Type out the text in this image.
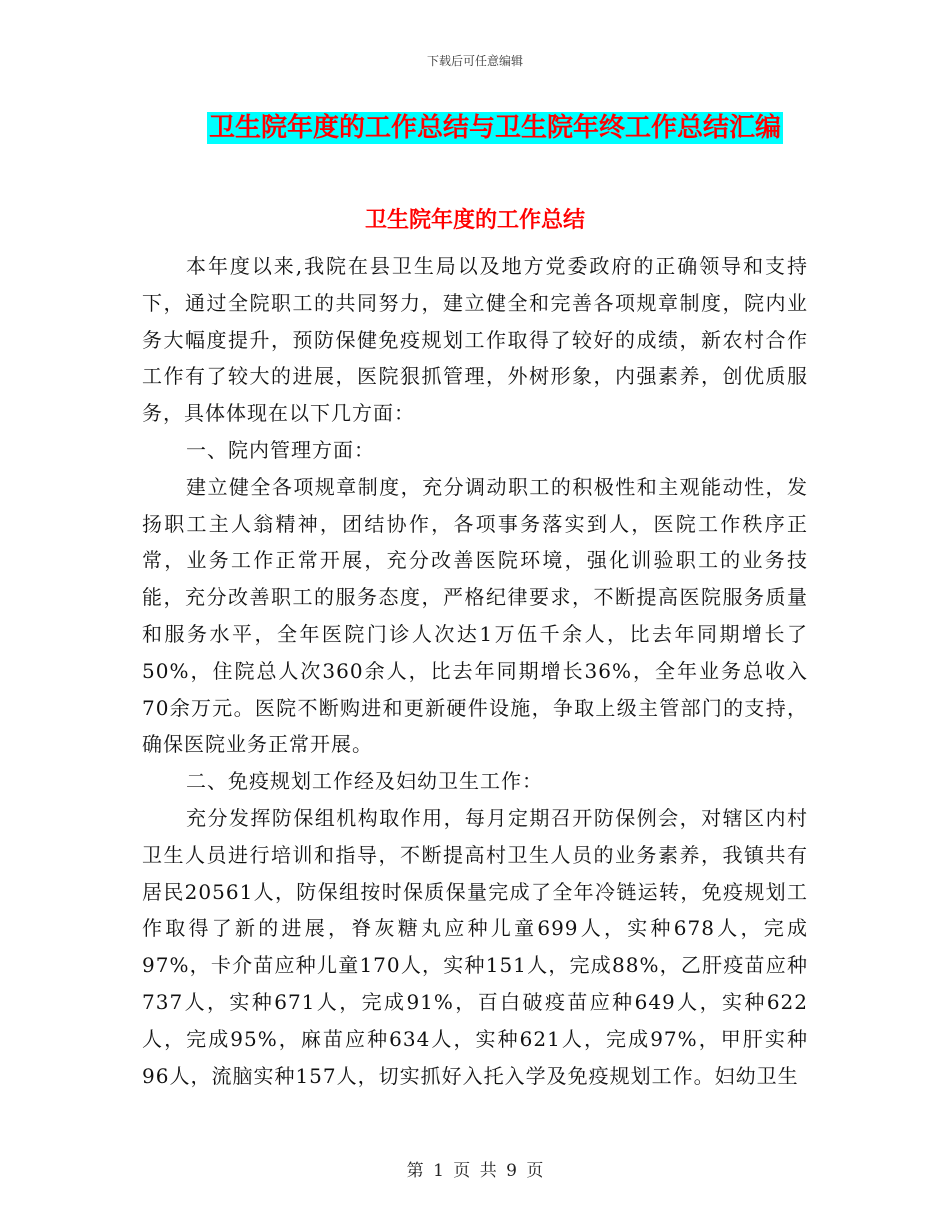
下载后可任意编辑
卫生院年度的工作总结与卫生院年终工作总结汇编
卫生院年度的工作总结

本年度以来,我院在县卫生局以及地方党委政府的正确领导和支持下，通过全院职工的共同努力，建立健全和完善各项规章制度，院内业务大幅度提升，预防保健免疫规划工作取得了较好的成绩，新农村合作工作有了较大的进展，医院狠抓管理，外树形象，内强素养，创优质服务，具体体现在以下几方面：

一、院内管理方面：

建立健全各项规章制度，充分调动职工的积极性和主观能动性，发扬职工主人翁精神，团结协作，各项事务落实到人，医院工作秩序正常，业务工作正常开展，充分改善医院环境，强化训验职工的业务技能，充分改善职工的服务态度，严格纪律要求，不断提高医院服务质量和服务水平，全年医院门诊人次达1万伍千余人，比去年同期增长了50%，住院总人次360余人，比去年同期增长36%，全年业务总收入70余万元。医院不断购进和更新硬件设施，争取上级主管部门的支持，确保医院业务正常开展。

二、免疫规划工作经及妇幼卫生工作：

充分发挥防保组机构取作用，每月定期召开防保例会，对辖区内村卫生人员进行培训和指导，不断提高村卫生人员的业务素养，我镇共有居民20561人，防保组按时保质保量完成了全年冷链运转，免疫规划工作取得了新的进展，脊灰糖丸应种儿童699人，实种678人，完成97%，卡介苗应种儿童170人，实种151人，完成88%，乙肝疫苗应种737人，实种671人，完成91%，百白破疫苗应种649人，实种622人，完成95%，麻苗应种634人，实种621人，完成97%，甲肝实种96人，流脑实种157人，切实抓好入托入学及免疫规划工作。妇幼卫生

第 1 页 共 9 页
